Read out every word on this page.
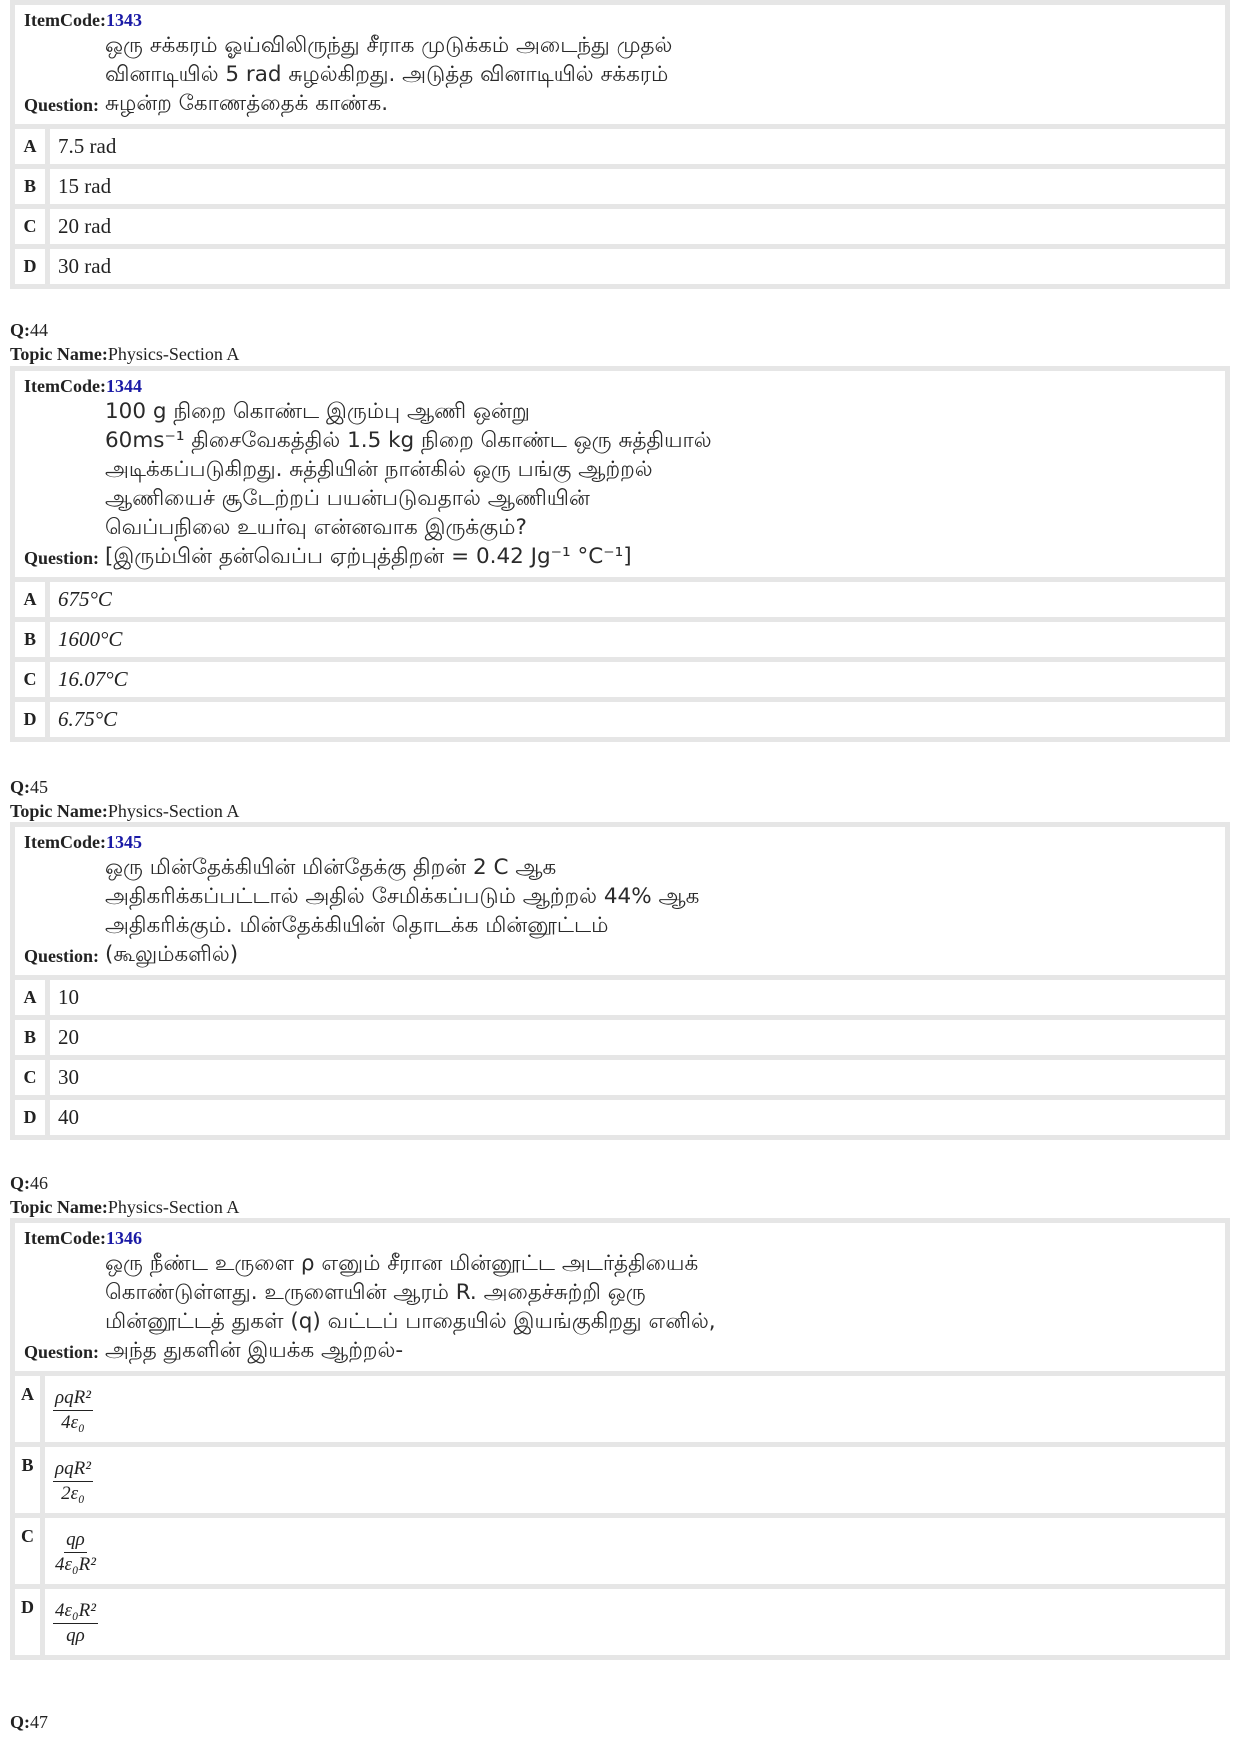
ItemCode:1343
Question:
ஒரு சக்கரம் ஓய்விலிருந்து சீராக முடுக்கம் அடைந்து முதல்
வினாடியில் 5 rad சுழல்கிறது. அடுத்த வினாடியில் சக்கரம்
சுழன்ற கோணத்தைக் காண்க.
A	7.5 rad
B	15 rad
C	20 rad
D	30 rad
Q:44
Topic Name:Physics-Section A
ItemCode:1344
Question:
100 g நிறை கொண்ட இரும்பு ஆணி ஒன்று
60ms⁻¹ திசைவேகத்தில் 1.5 kg நிறை கொண்ட ஒரு சுத்தியால்
அடிக்கப்படுகிறது. சுத்தியின் நான்கில் ஒரு பங்கு ஆற்றல்
ஆணியைச் சூடேற்றப் பயன்படுவதால் ஆணியின்
வெப்பநிலை உயர்வு என்னவாக இருக்கும்?
[இரும்பின் தன்வெப்ப ஏற்புத்திறன் = 0.42 Jg⁻¹ °C⁻¹]
A	675°C
B	1600°C
C	16.07°C
D	6.75°C
Q:45
Topic Name:Physics-Section A
ItemCode:1345
Question:
ஒரு மின்தேக்கியின் மின்தேக்கு திறன் 2 C ஆக
அதிகரிக்கப்பட்டால் அதில் சேமிக்கப்படும் ஆற்றல் 44% ஆக
அதிகரிக்கும். மின்தேக்கியின் தொடக்க மின்னூட்டம்
(கூலும்களில்)
A	10
B	20
C	30
D	40
Q:46
Topic Name:Physics-Section A
ItemCode:1346
Question:
ஒரு நீண்ட உருளை ρ எனும் சீரான மின்னூட்ட அடர்த்தியைக்
கொண்டுள்ளது. உருளையின் ஆரம் R. அதைச்சுற்றி ஒரு
மின்னூட்டத் துகள் (q) வட்டப் பாதையில் இயங்குகிறது எனில்,
அந்த துகளின் இயக்க ஆற்றல்-
A	$\frac{\text{ρqR²}}{\text{4ε₀}}$
B	$\frac{\text{ρqR²}}{\text{2ε₀}}$
C	$\frac{q\rho}{\text{4ε₀R²}}$
D	$\frac{\text{4ε₀R²}}{q\rho}$
Q:47
